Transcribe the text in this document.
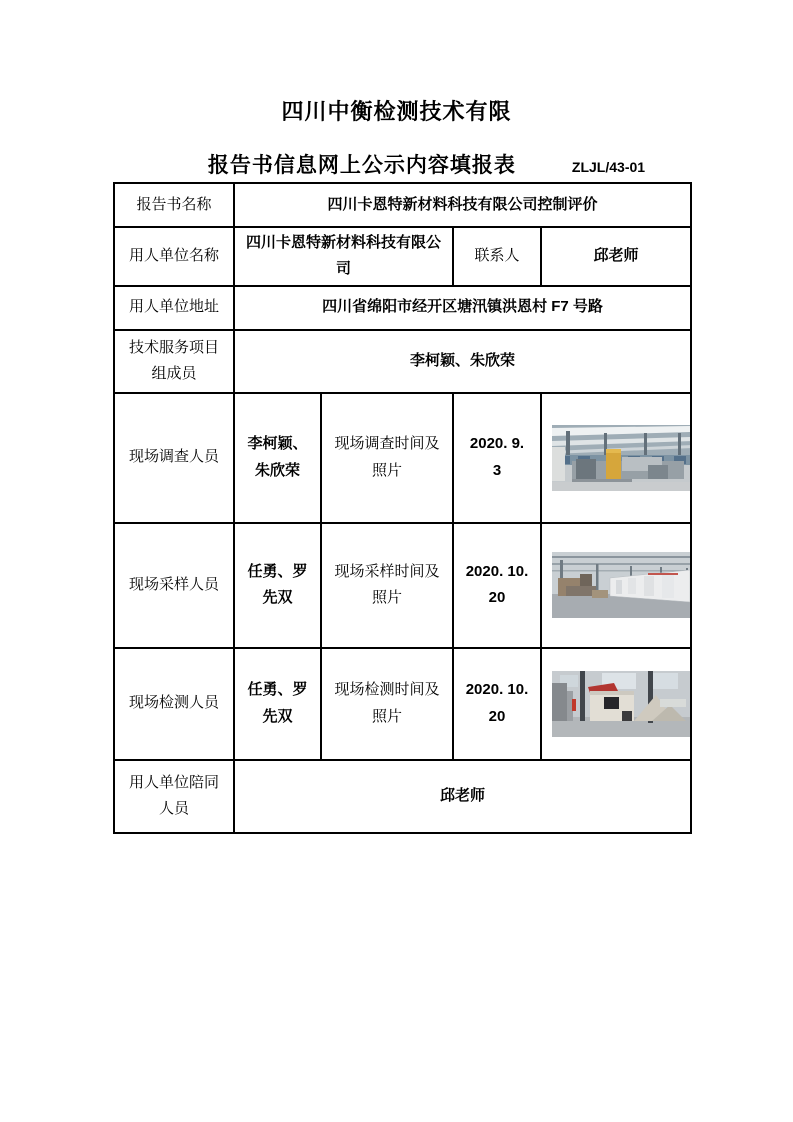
四川中衡检测技术有限
报告书信息网上公示内容填报表	ZLJL/43-01
报告书名称	四川卡恩特新材料科技有限公司控制评价			
用人单位名称	四川卡恩特新材料科技有限公司		联系人	邱老师
用人单位地址	四川省绵阳市经开区塘汛镇洪恩村 F7 号路			
技术服务项目组成员	李柯颖、朱欣荣			
现场调查人员	李柯颖、朱欣荣	现场调查时间及照片	2020. 9. 3	

现场采样人员	任勇、罗先双	现场采样时间及照片	2020. 10. 20	

现场检测人员	任勇、罗先双	现场检测时间及照片	2020. 10. 20	

用人单位陪同人员	邱老师			
